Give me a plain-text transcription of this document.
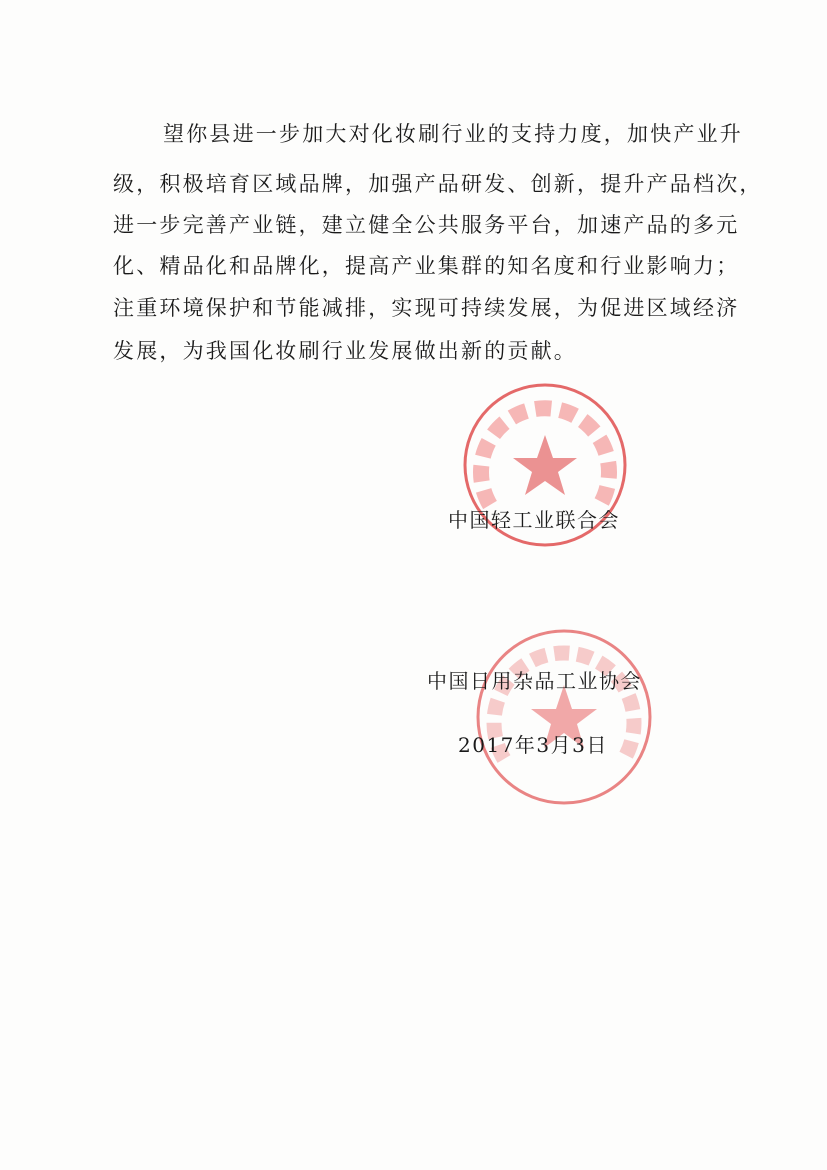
望你县进一步加大对化妆刷行业的支持力度，加快产业升
级，积极培育区域品牌，加强产品研发、创新，提升产品档次，
进一步完善产业链，建立健全公共服务平台，加速产品的多元
化、精品化和品牌化，提高产业集群的知名度和行业影响力；
注重环境保护和节能减排，实现可持续发展，为促进区域经济
发展，为我国化妆刷行业发展做出新的贡献。
中国轻工业联合会
中国日用杂品工业协会
2017年3月3日
